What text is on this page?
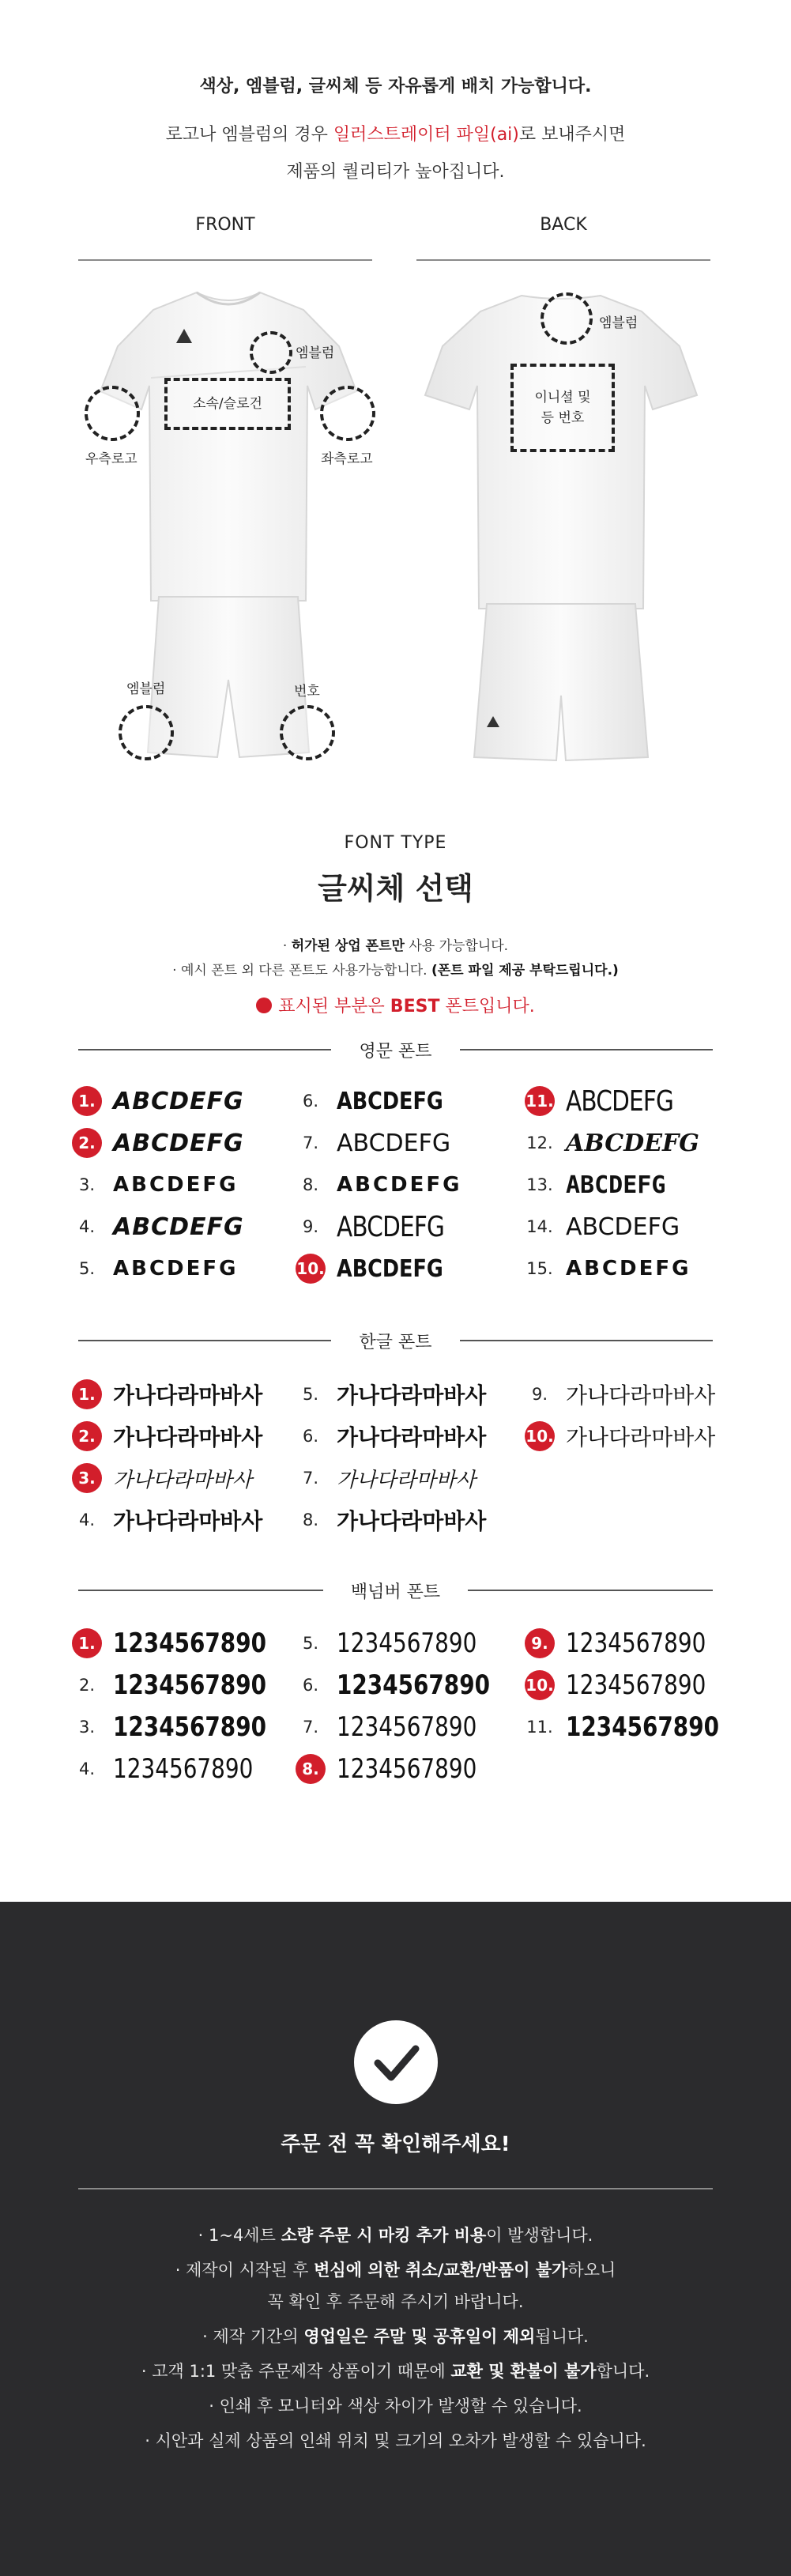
색상, 엠블럼, 글씨체 등 자유롭게 배치 가능합니다.
로고나 엠블럼의 경우 일러스트레이터 파일(ai)로 보내주시면
제품의 퀄리티가 높아집니다.
FRONT	BACK
소속/슬로건
엠블럼
우측로고	좌측로고
엠블럼	번호
엠블럼
이니셜 및
등 번호
FONT TYPE
글씨체 선택
· 허가된 상업 폰트만 사용 가능합니다.
· 예시 폰트 외 다른 폰트도 사용가능합니다. (폰트 파일 제공 부탁드립니다.)
표시된 부분은 BEST 폰트입니다.
영문 폰트
한글 폰트
백넘버 폰트
주문 전 꼭 확인해주세요!

· 1~4세트 소량 주문 시 마킹 추가 비용이 발생합니다.

· 제작이 시작된 후 변심에 의한 취소/교환/반품이 불가하오니

꼭 확인 후 주문해 주시기 바랍니다.

· 제작 기간의 영업일은 주말 및 공휴일이 제외됩니다.

· 고객 1:1 맞춤 주문제작 상품이기 때문에 교환 및 환불이 불가합니다.

· 인쇄 후 모니터와 색상 차이가 발생할 수 있습니다.

· 시안과 실제 상품의 인쇄 위치 및 크기의 오차가 발생할 수 있습니다.

1. ABCDEFG
2. ABCDEFG
3. ABCDEFG
4. ABCDEFG
5. ABCDEFG
6. ABCDEFG
7. ABCDEFG
8. ABCDEFG
9. ABCDEFG
10. ABCDEFG
11. ABCDEFG
12. ABCDEFG
13. ABCDEFG
14. ABCDEFG
15. ABCDEFG
1. 가나다라마바사
2. 가나다라마바사
3. 가나다라마바사
4. 가나다라마바사
5. 가나다라마바사
6. 가나다라마바사
7. 가나다라마바사
8. 가나다라마바사
9. 가나다라마바사
10. 가나다라마바사
1. 1234567890
2. 1234567890
3. 1234567890
4. 1234567890
5. 1234567890
6. 1234567890
7. 1234567890
8. 1234567890
9. 1234567890
10. 1234567890
11. 1234567890
